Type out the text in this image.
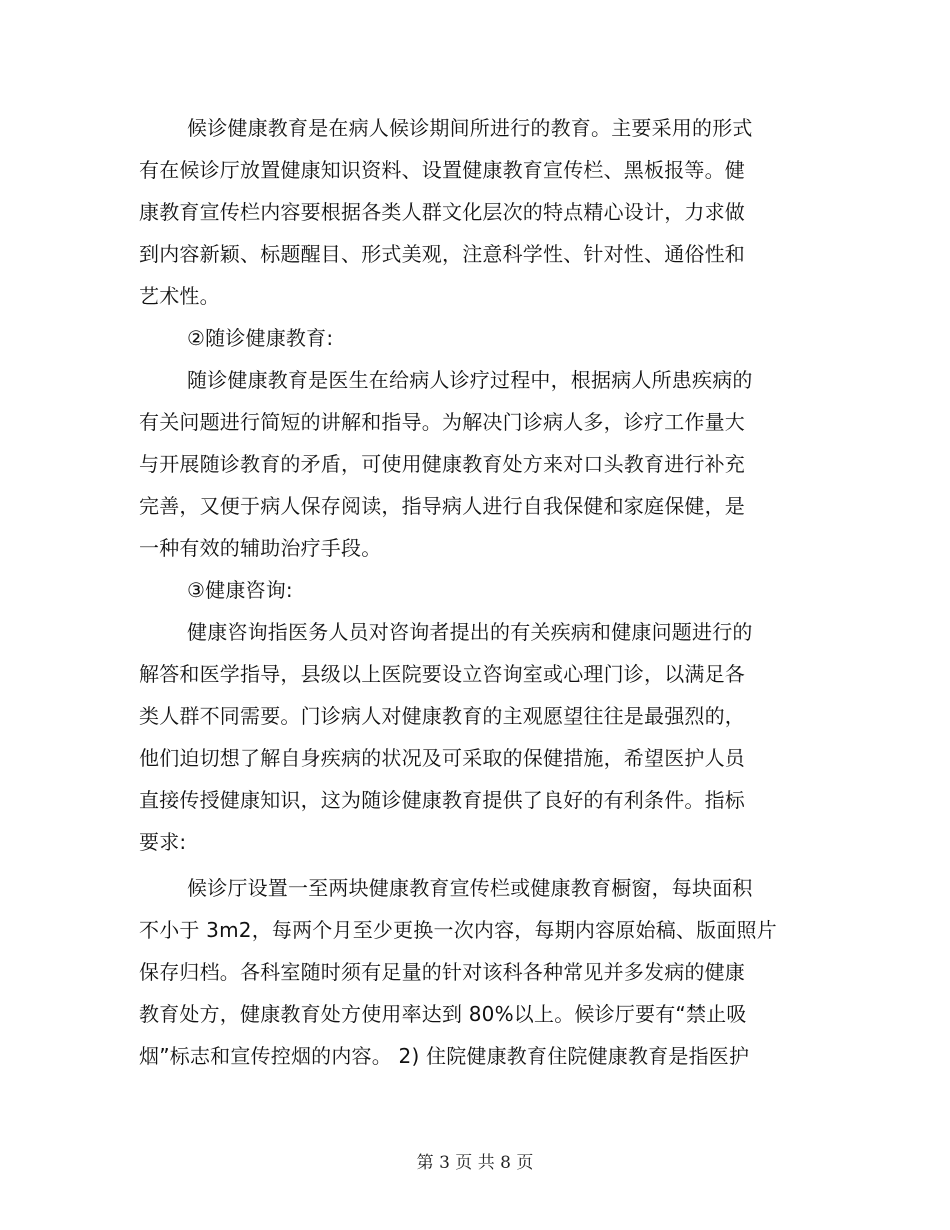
候诊健康教育是在病人候诊期间所进行的教育。主要采用的形式
有在候诊厅放置健康知识资料、设置健康教育宣传栏、黑板报等。健
康教育宣传栏内容要根据各类人群文化层次的特点精心设计，力求做
到内容新颖、标题醒目、形式美观，注意科学性、针对性、通俗性和
艺术性。
②随诊健康教育:
随诊健康教育是医生在给病人诊疗过程中，根据病人所患疾病的
有关问题进行简短的讲解和指导。为解决门诊病人多，诊疗工作量大
与开展随诊教育的矛盾，可使用健康教育处方来对口头教育进行补充
完善，又便于病人保存阅读，指导病人进行自我保健和家庭保健，是
一种有效的辅助治疗手段。
③健康咨询:
健康咨询指医务人员对咨询者提出的有关疾病和健康问题进行的
解答和医学指导，县级以上医院要设立咨询室或心理门诊，以满足各
类人群不同需要。门诊病人对健康教育的主观愿望往往是最强烈的，
他们迫切想了解自身疾病的状况及可采取的保健措施，希望医护人员
直接传授健康知识，这为随诊健康教育提供了良好的有利条件。指标
要求:
候诊厅设置一至两块健康教育宣传栏或健康教育橱窗，每块面积
不小于 3m2，每两个月至少更换一次内容，每期内容原始稿、版面照片
保存归档。各科室随时须有足量的针对该科各种常见并多发病的健康
教育处方，健康教育处方使用率达到 80%以上。候诊厅要有“禁止吸
烟”标志和宣传控烟的内容。 2) 住院健康教育住院健康教育是指医护
第 3 页 共 8 页
